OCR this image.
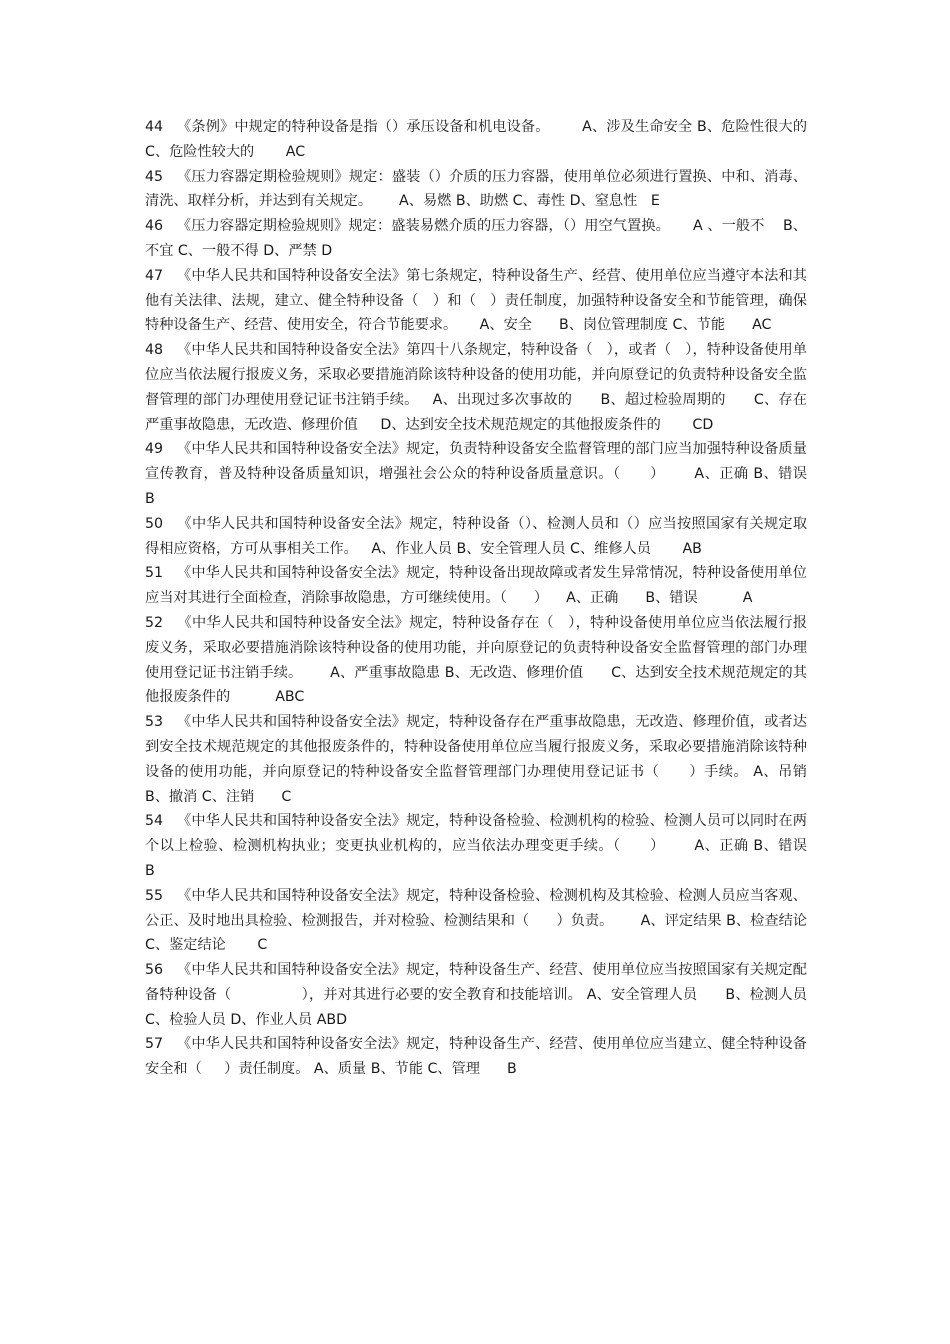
44 《条例》中规定的特种设备是指（）承压设备和机电设备。       A、涉及生命安全 B、危险性很大的      C、危险性较大的       AC

45 《压力容器定期检验规则》规定：盛装（）介质的压力容器，使用单位必须进行置换、中和、消毒、清洗、取样分析，并达到有关规定。      A、易燃 B、助燃 C、毒性 D、窒息性   E

46 《压力容器定期检验规则》规定：盛装易燃介质的压力容器，（）用空气置换。     A 、一般不    B、不宜 C、一般不得 D、严禁 D

47 《中华人民共和国特种设备安全法》第七条规定，特种设备生产、经营、使用单位应当遵守本法和其他有关法律、法规，建立、健全特种设备（   ）和（   ）责任制度，加强特种设备安全和节能管理，确保特种设备生产、经营、使用安全，符合节能要求。     A、安全      B、岗位管理制度 C、节能      AC

48 《中华人民共和国特种设备安全法》第四十八条规定，特种设备（   ），或者（   ），特种设备使用单位应当依法履行报废义务，采取必要措施消除该特种设备的使用功能，并向原登记的负责特种设备安全监督管理的部门办理使用登记证书注销手续。   A、出现过多次事故的      B、超过检验周期的      C、存在严重事故隐患，无改造、修理价值     D、达到安全技术规范规定的其他报废条件的       CD

49 《中华人民共和国特种设备安全法》规定，负责特种设备安全监督管理的部门应当加强特种设备质量宣传教育，普及特种设备质量知识，增强社会公众的特种设备质量意识。（      ）      A、正确 B、错误          B

50 《中华人民共和国特种设备安全法》规定，特种设备（）、检测人员和（）应当按照国家有关规定取得相应资格，方可从事相关工作。   A、作业人员 B、安全管理人员 C、维修人员       AB

51 《中华人民共和国特种设备安全法》规定，特种设备出现故障或者发生异常情况，特种设备使用单位应当对其进行全面检查，消除事故隐患，方可继续使用。（      ）    A、正确      B、错误          A

52 《中华人民共和国特种设备安全法》规定，特种设备存在（   ），特种设备使用单位应当依法履行报废义务，采取必要措施消除该特种设备的使用功能，并向原登记的负责特种设备安全监督管理的部门办理使用登记证书注销手续。      A、严重事故隐患 B、无改造、修理价值      C、达到安全技术规范规定的其他报废条件的          ABC

53 《中华人民共和国特种设备安全法》规定，特种设备存在严重事故隐患，无改造、修理价值，或者达到安全技术规范规定的其他报废条件的，特种设备使用单位应当履行报废义务，采取必要措施消除该特种设备的使用功能，并向原登记的特种设备安全监督管理部门办理使用登记证书（      ）手续。 A、吊销      B、撤消 C、注销      C

54 《中华人民共和国特种设备安全法》规定，特种设备检验、检测机构的检验、检测人员可以同时在两个以上检验、检测机构执业；变更执业机构的，应当依法办理变更手续。（      ）      A、正确 B、错误          B

55 《中华人民共和国特种设备安全法》规定，特种设备检验、检测机构及其检验、检测人员应当客观、公正、及时地出具检验、检测报告，并对检验、检测结果和（      ）负责。      A、评定结果 B、检查结论 C、鉴定结论       C

56 《中华人民共和国特种设备安全法》规定，特种设备生产、经营、使用单位应当按照国家有关规定配备特种设备（               ），并对其进行必要的安全教育和技能培训。 A、安全管理人员      B、检测人员 C、检验人员 D、作业人员 ABD

57 《中华人民共和国特种设备安全法》规定，特种设备生产、经营、使用单位应当建立、健全特种设备安全和（     ）责任制度。 A、质量 B、节能 C、管理      B
